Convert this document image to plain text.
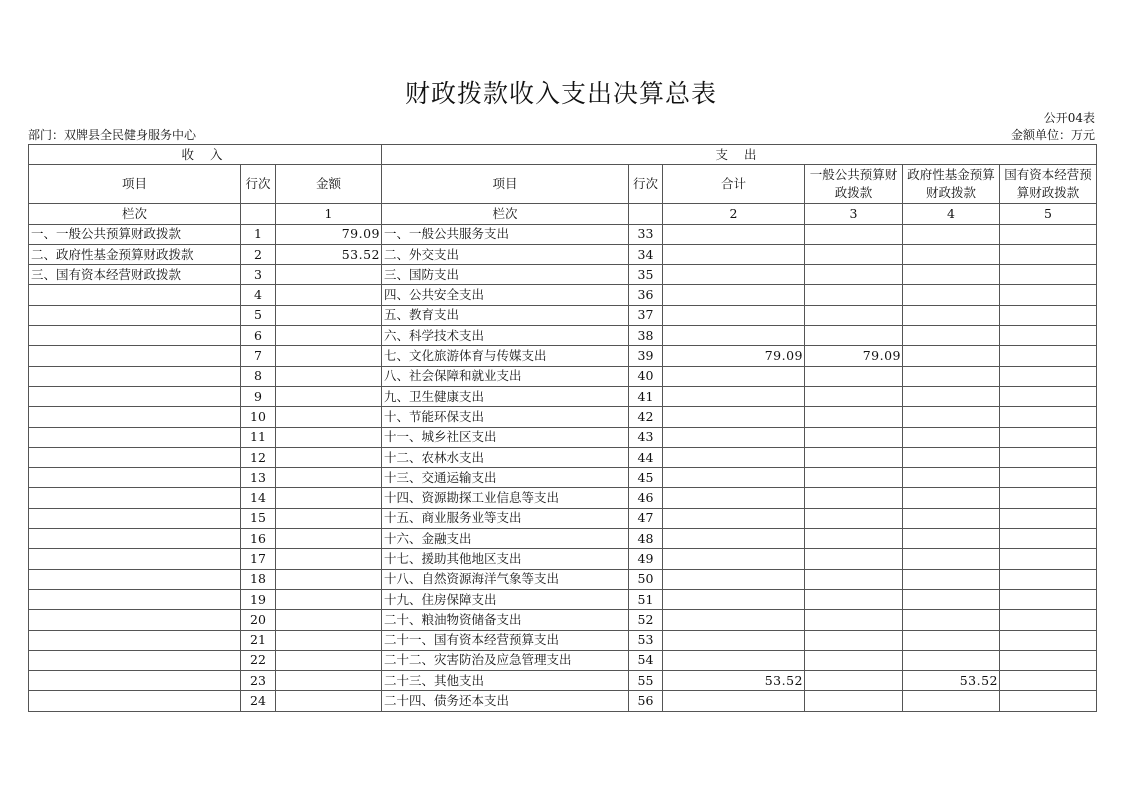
财政拨款收入支出决算总表
公开04表
部门：双牌县全民健身服务中心	金额单位：万元
收 入			支 出					
项目	行次	金额	项目	行次	合计	一般公共预算财政拨款	政府性基金预算财政拨款	国有资本经营预算财政拨款
栏次		1	栏次		2	3	4	5
一、一般公共预算财政拨款	1	79.09	一、一般公共服务支出	33				
二、政府性基金预算财政拨款	2	53.52	二、外交支出	34				
三、国有资本经营财政拨款	3		三、国防支出	35				
	4		四、公共安全支出	36				
	5		五、教育支出	37				
	6		六、科学技术支出	38				
	7		七、文化旅游体育与传媒支出	39	79.09	79.09		
	8		八、社会保障和就业支出	40				
	9		九、卫生健康支出	41				
	10		十、节能环保支出	42				
	11		十一、城乡社区支出	43				
	12		十二、农林水支出	44				
	13		十三、交通运输支出	45				
	14		十四、资源勘探工业信息等支出	46				
	15		十五、商业服务业等支出	47				
	16		十六、金融支出	48				
	17		十七、援助其他地区支出	49				
	18		十八、自然资源海洋气象等支出	50				
	19		十九、住房保障支出	51				
	20		二十、粮油物资储备支出	52				
	21		二十一、国有资本经营预算支出	53				
	22		二十二、灾害防治及应急管理支出	54				
	23		二十三、其他支出	55	53.52		53.52	
	24		二十四、债务还本支出	56				
